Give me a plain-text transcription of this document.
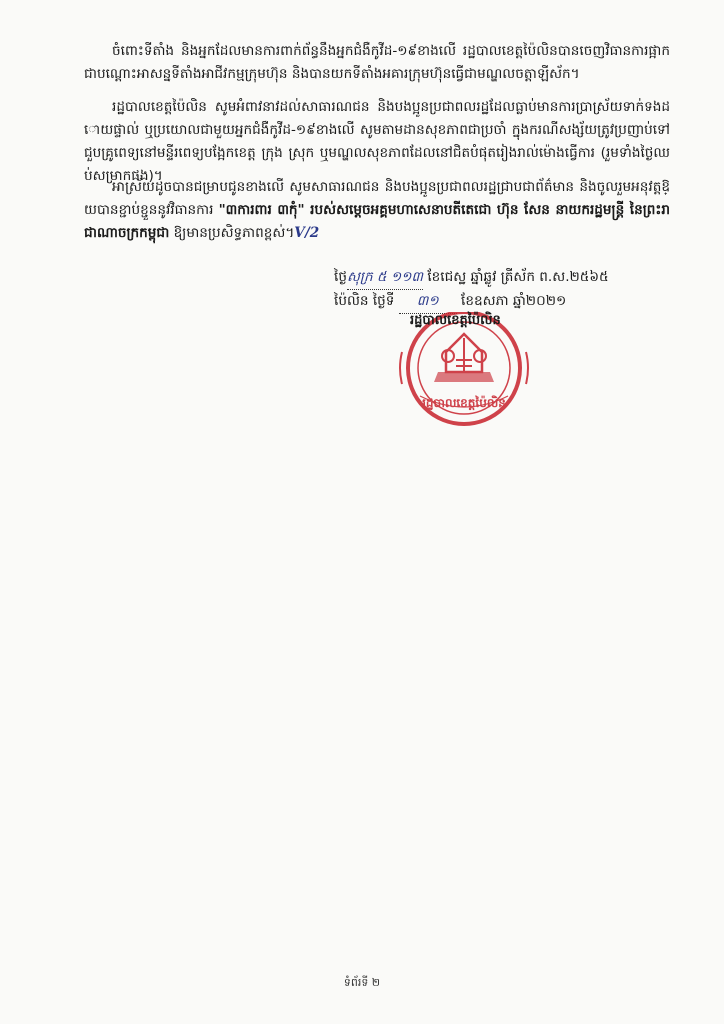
ចំពោះទីតាំង និងអ្នកដែលមានការពាក់ព័ន្ធនឹងអ្នកជំងឺកូវីដ-១៩ខាងលើ រដ្ឋបាលខេត្តប៉ៃលិនបានចេញវិធានការផ្អាកជាបណ្ដោះអាសន្នទីតាំងអាជីវកម្មក្រុមហ៊ុន និងបានយកទីតាំងអគារក្រុមហ៊ុនធ្វើជាមណ្ឌលចត្តាឡីស័ក។

រដ្ឋបាលខេត្តប៉ៃលិន សូមអំពាវនាវដល់សាធារណជន និងបងប្អូនប្រជាពលរដ្ឋដែលធ្លាប់មានការប្រាស្រ័យទាក់ទងដោយផ្ទាល់ ឬប្រយោលជាមួយអ្នកជំងឺកូវីដ-១៩ខាងលើ សូមតាមដានសុខភាពជាប្រចាំ ក្នុងករណីសង្ស័យត្រូវប្រញាប់ទៅជួបគ្រូពេទ្យនៅមន្ទីរពេទ្យបង្អែកខេត្ត ក្រុង ស្រុក ឬមណ្ឌលសុខភាពដែលនៅជិតបំផុតរៀងរាល់ម៉ោងធ្វើការ (រួមទាំងថ្ងៃឈប់សម្រាកផង)។

អាស្រ័យដូចបានជម្រាបជូនខាងលើ សូមសាធារណជន និងបងប្អូនប្រជាពលរដ្ឋជ្រាបជាព័ត៌មាន និងចូលរួមអនុវត្តឱ្យបានខ្ជាប់ខ្ជួននូវវិធានការ "៣ការពារ ៣កុំ" របស់សម្ដេចអគ្គមហាសេនាបតីតេជោ ហ៊ុន សែន នាយករដ្ឋមន្ត្រី នៃព្រះរាជាណាចក្រកម្ពុជា ឱ្យមានប្រសិទ្ធភាពខ្ពស់។V/2

ថ្ងៃសុក្រ ៥ ១១៣ ខែជេស្ឋ ឆ្នាំឆ្លូវ ត្រីស័ក ព.ស.២៥៦៥
ប៉ៃលិន ថ្ងៃទី ៣១ ខែឧសភា ឆ្នាំ២០២១
រដ្ឋបាលខេត្តប៉ៃលិន
រដ្ឋបាលខេត្តប៉ៃលិន
ទំព័រទី ២
